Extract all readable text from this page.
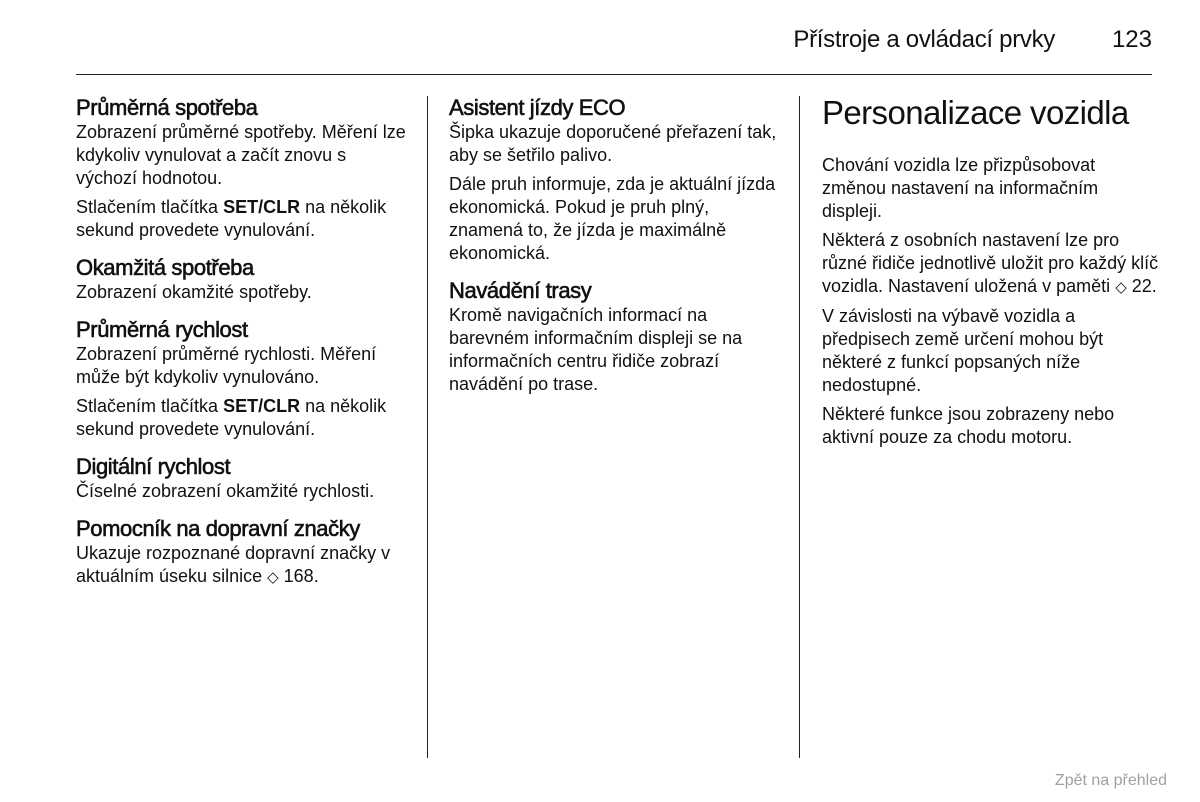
Přístroje a ovládací prvky 123
Průměrná spotřeba

Zobrazení průměrné spotřeby. Měření lze kdykoliv vynulovat a začít znovu s výchozí hodnotou.

Stlačením tlačítka SET/CLR na několik sekund provedete vynulování.

Okamžitá spotřeba

Zobrazení okamžité spotřeby.

Průměrná rychlost

Zobrazení průměrné rychlosti. Měření může být kdykoliv vynulováno.

Stlačením tlačítka SET/CLR na několik sekund provedete vynulování.

Digitální rychlost

Číselné zobrazení okamžité rychlosti.

Pomocník na dopravní značky

Ukazuje rozpoznané dopravní značky v aktuálním úseku silnice ◇ 168.

Asistent jízdy ECO

Šipka ukazuje doporučené přeřazení tak, aby se šetřilo palivo.

Dále pruh informuje, zda je aktuální jízda ekonomická. Pokud je pruh plný, znamená to, že jízda je maximálně ekonomická.

Navádění trasy

Kromě navigačních informací na barevném informačním displeji se na informačních centru řidiče zobrazí navádění po trase.

Personalizace vozidla

Chování vozidla lze přizpůsobovat změnou nastavení na informačním displeji.

Některá z osobních nastavení lze pro různé řidiče jednotlivě uložit pro každý klíč vozidla. Nastavení uložená v paměti ◇ 22.

V závislosti na výbavě vozidla a předpisech země určení mohou být některé z funkcí popsaných níže nedostupné.

Některé funkce jsou zobrazeny nebo aktivní pouze za chodu motoru.

Zpět na přehled
